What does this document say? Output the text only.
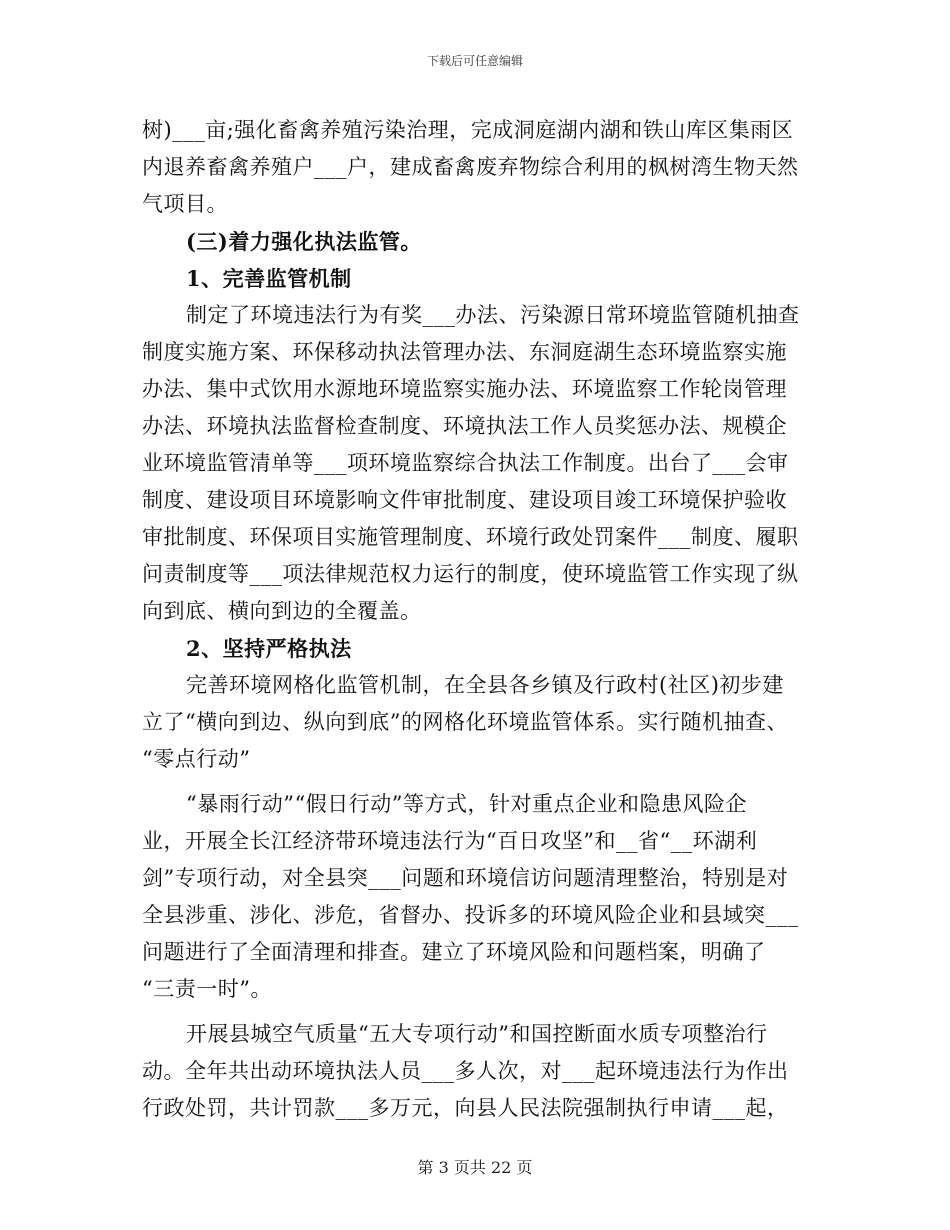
下载后可任意编辑
树)___亩;强化畜禽养殖污染治理，完成洞庭湖内湖和铁山库区集雨区
内退养畜禽养殖户___户，建成畜禽废弃物综合利用的枫树湾生物天然
气项目。
(三)着力强化执法监管。
1、完善监管机制
制定了环境违法行为有奖___办法、污染源日常环境监管随机抽查
制度实施方案、环保移动执法管理办法、东洞庭湖生态环境监察实施
办法、集中式饮用水源地环境监察实施办法、环境监察工作轮岗管理
办法、环境执法监督检查制度、环境执法工作人员奖惩办法、规模企
业环境监管清单等___项环境监察综合执法工作制度。出台了___会审
制度、建设项目环境影响文件审批制度、建设项目竣工环境保护验收
审批制度、环保项目实施管理制度、环境行政处罚案件___制度、履职
问责制度等___项法律规范权力运行的制度，使环境监管工作实现了纵
向到底、横向到边的全覆盖。
2、坚持严格执法
完善环境网格化监管机制，在全县各乡镇及行政村(社区)初步建
立了“横向到边、纵向到底”的网格化环境监管体系。实行随机抽查、
“零点行动”
“暴雨行动”“假日行动”等方式，针对重点企业和隐患风险企
业，开展全长江经济带环境违法行为“百日攻坚”和__省“__环湖利
剑”专项行动，对全县突___问题和环境信访问题清理整治，特别是对
全县涉重、涉化、涉危，省督办、投诉多的环境风险企业和县域突___
问题进行了全面清理和排查。建立了环境风险和问题档案，明确了
“三责一时”。
开展县城空气质量“五大专项行动”和国控断面水质专项整治行
动。全年共出动环境执法人员___多人次，对___起环境违法行为作出
行政处罚，共计罚款___多万元，向县人民法院强制执行申请___起，
第 3 页共 22 页
